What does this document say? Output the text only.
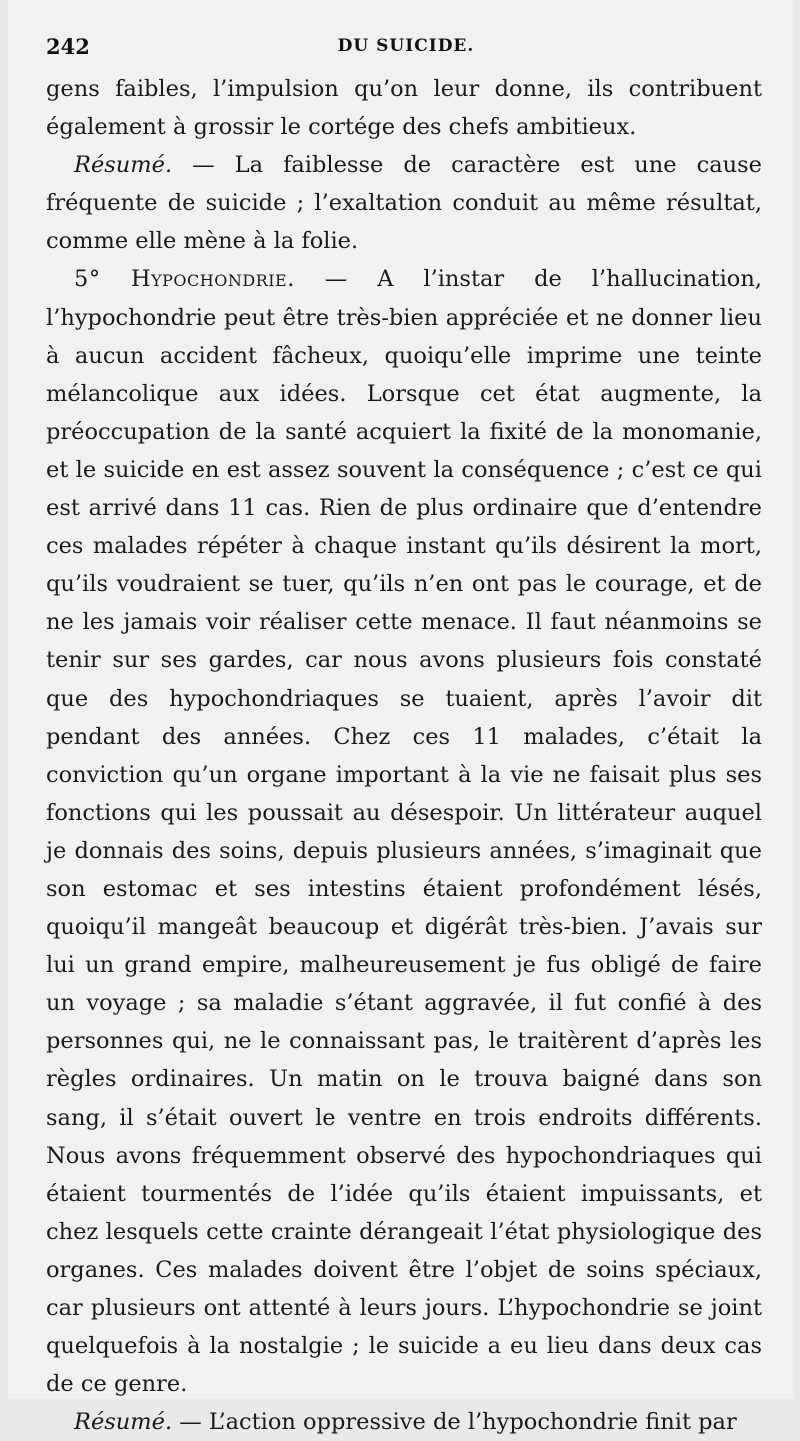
242	DU SUICIDE.

gens faibles, l’impulsion qu’on leur donne, ils contribuent également à grossir le cortége des chefs ambitieux.

Résumé. — La faiblesse de caractère est une cause fréquente de suicide ; l’exaltation conduit au même résultat, comme elle mène à la folie.

5° Hypochondrie. — A l’instar de l’hallucination, l’hypochondrie peut être très-bien appréciée et ne donner lieu à aucun accident fâcheux, quoiqu’elle imprime une teinte mélancolique aux idées. Lorsque cet état augmente, la préoccupation de la santé acquiert la fixité de la monomanie, et le suicide en est assez souvent la conséquence ; c’est ce qui est arrivé dans 11 cas. Rien de plus ordinaire que d’entendre ces malades répéter à chaque instant qu’ils désirent la mort, qu’ils voudraient se tuer, qu’ils n’en ont pas le courage, et de ne les jamais voir réaliser cette menace. Il faut néanmoins se tenir sur ses gardes, car nous avons plusieurs fois constaté que des hypochondriaques se tuaient, après l’avoir dit pendant des années. Chez ces 11 malades, c’était la conviction qu’un organe important à la vie ne faisait plus ses fonctions qui les poussait au désespoir. Un littérateur auquel je donnais des soins, depuis plusieurs années, s’imaginait que son estomac et ses intestins étaient profondément lésés, quoiqu’il mangeât beaucoup et digérât très-bien. J’avais sur lui un grand empire, malheureusement je fus obligé de faire un voyage ; sa maladie s’étant aggravée, il fut confié à des personnes qui, ne le connaissant pas, le traitèrent d’après les règles ordinaires. Un matin on le trouva baigné dans son sang, il s’était ouvert le ventre en trois endroits différents. Nous avons fréquemment observé des hypochondriaques qui étaient tourmentés de l’idée qu’ils étaient impuissants, et chez lesquels cette crainte dérangeait l’état physiologique des organes. Ces malades doivent être l’objet de soins spéciaux, car plusieurs ont attenté à leurs jours. L’hypochondrie se joint quelquefois à la nostalgie ; le suicide a eu lieu dans deux cas de ce genre.

Résumé. — L’action oppressive de l’hypochondrie finit par
